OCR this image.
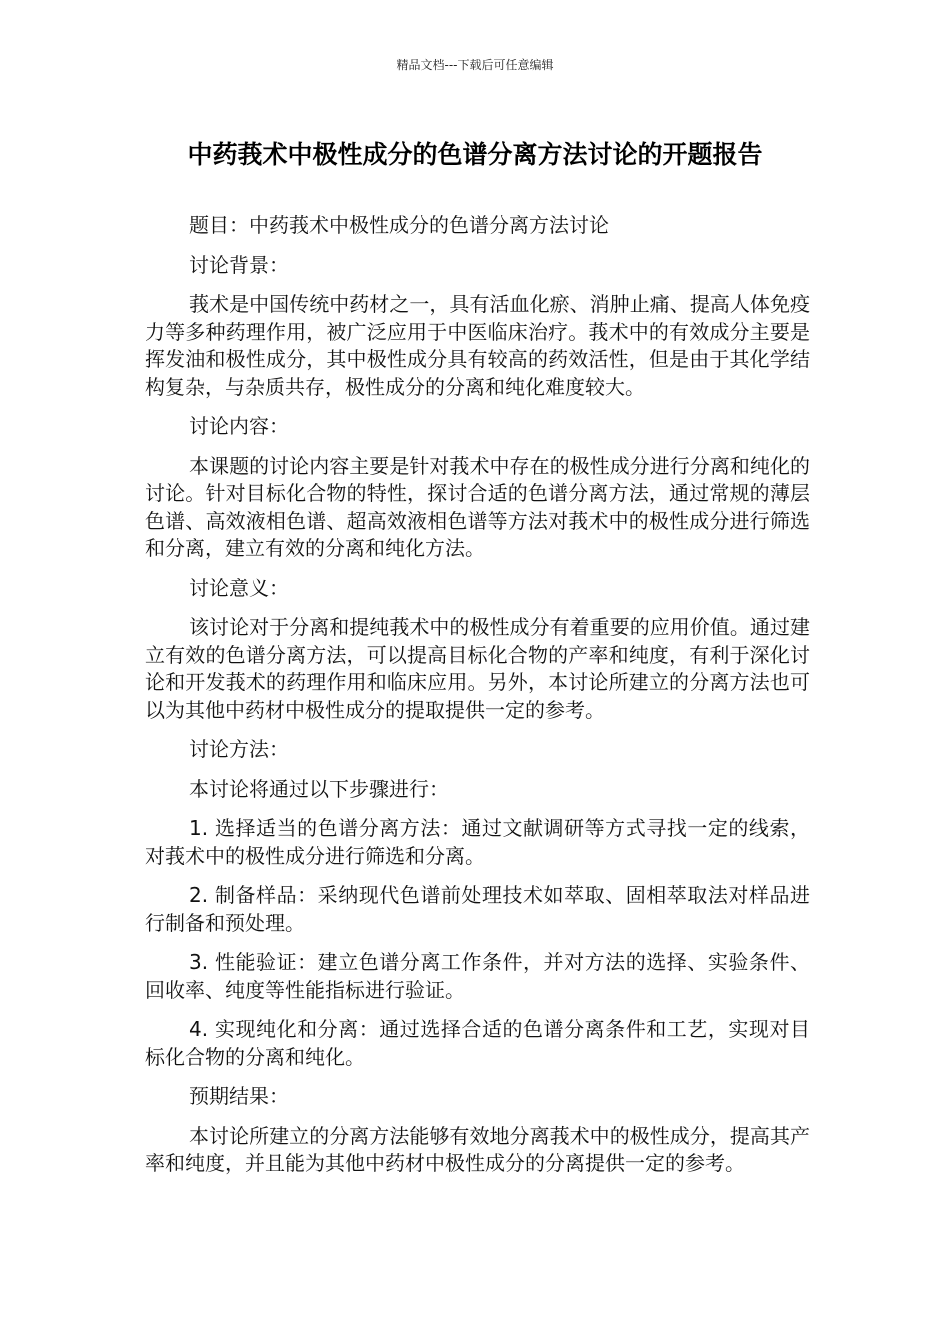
精品文档---下载后可任意编辑
中药莪术中极性成分的色谱分离方法讨论的开题报告

题目：中药莪术中极性成分的色谱分离方法讨论

讨论背景：

莪术是中国传统中药材之一，具有活血化瘀、消肿止痛、提高人体免疫力等多种药理作用，被广泛应用于中医临床治疗。莪术中的有效成分主要是挥发油和极性成分，其中极性成分具有较高的药效活性，但是由于其化学结构复杂，与杂质共存，极性成分的分离和纯化难度较大。

讨论内容：

本课题的讨论内容主要是针对莪术中存在的极性成分进行分离和纯化的讨论。针对目标化合物的特性，探讨合适的色谱分离方法，通过常规的薄层色谱、高效液相色谱、超高效液相色谱等方法对莪术中的极性成分进行筛选和分离，建立有效的分离和纯化方法。

讨论意义：

该讨论对于分离和提纯莪术中的极性成分有着重要的应用价值。通过建立有效的色谱分离方法，可以提高目标化合物的产率和纯度，有利于深化讨论和开发莪术的药理作用和临床应用。另外，本讨论所建立的分离方法也可以为其他中药材中极性成分的提取提供一定的参考。

讨论方法：

本讨论将通过以下步骤进行：

1. 选择适当的色谱分离方法：通过文献调研等方式寻找一定的线索，对莪术中的极性成分进行筛选和分离。

2. 制备样品：采纳现代色谱前处理技术如萃取、固相萃取法对样品进行制备和预处理。

3. 性能验证：建立色谱分离工作条件，并对方法的选择、实验条件、回收率、纯度等性能指标进行验证。

4. 实现纯化和分离：通过选择合适的色谱分离条件和工艺，实现对目标化合物的分离和纯化。

预期结果：

本讨论所建立的分离方法能够有效地分离莪术中的极性成分，提高其产率和纯度，并且能为其他中药材中极性成分的分离提供一定的参考。
